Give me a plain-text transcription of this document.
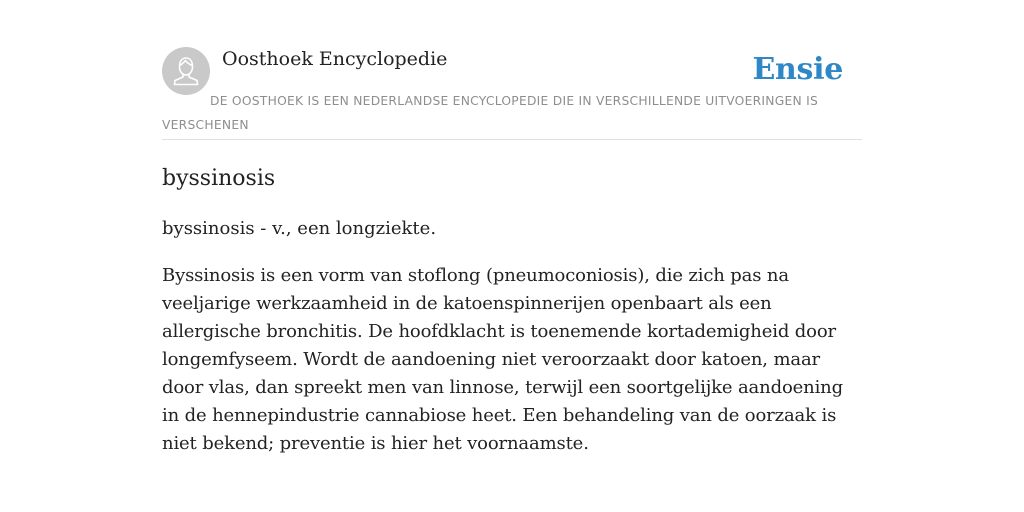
Oosthoek Encyclopedie	Ensie

DE OOSTHOEK IS EEN NEDERLANDSE ENCYCLOPEDIE DIE IN VERSCHILLENDE UITVOERINGEN IS VERSCHENEN

byssinosis

byssinosis - v., een longziekte.

Byssinosis is een vorm van stoflong (pneumoconiosis), die zich pas na veeljarige werkzaamheid in de katoenspinnerijen openbaart als een allergische bronchitis. De hoofdklacht is toenemende kortademigheid door longemfyseem. Wordt de aandoening niet veroorzaakt door katoen, maar door vlas, dan spreekt men van linnose, terwijl een soortgelijke aandoening in de hennepindustrie cannabiose heet. Een behandeling van de oorzaak is niet bekend; preventie is hier het voornaamste.
